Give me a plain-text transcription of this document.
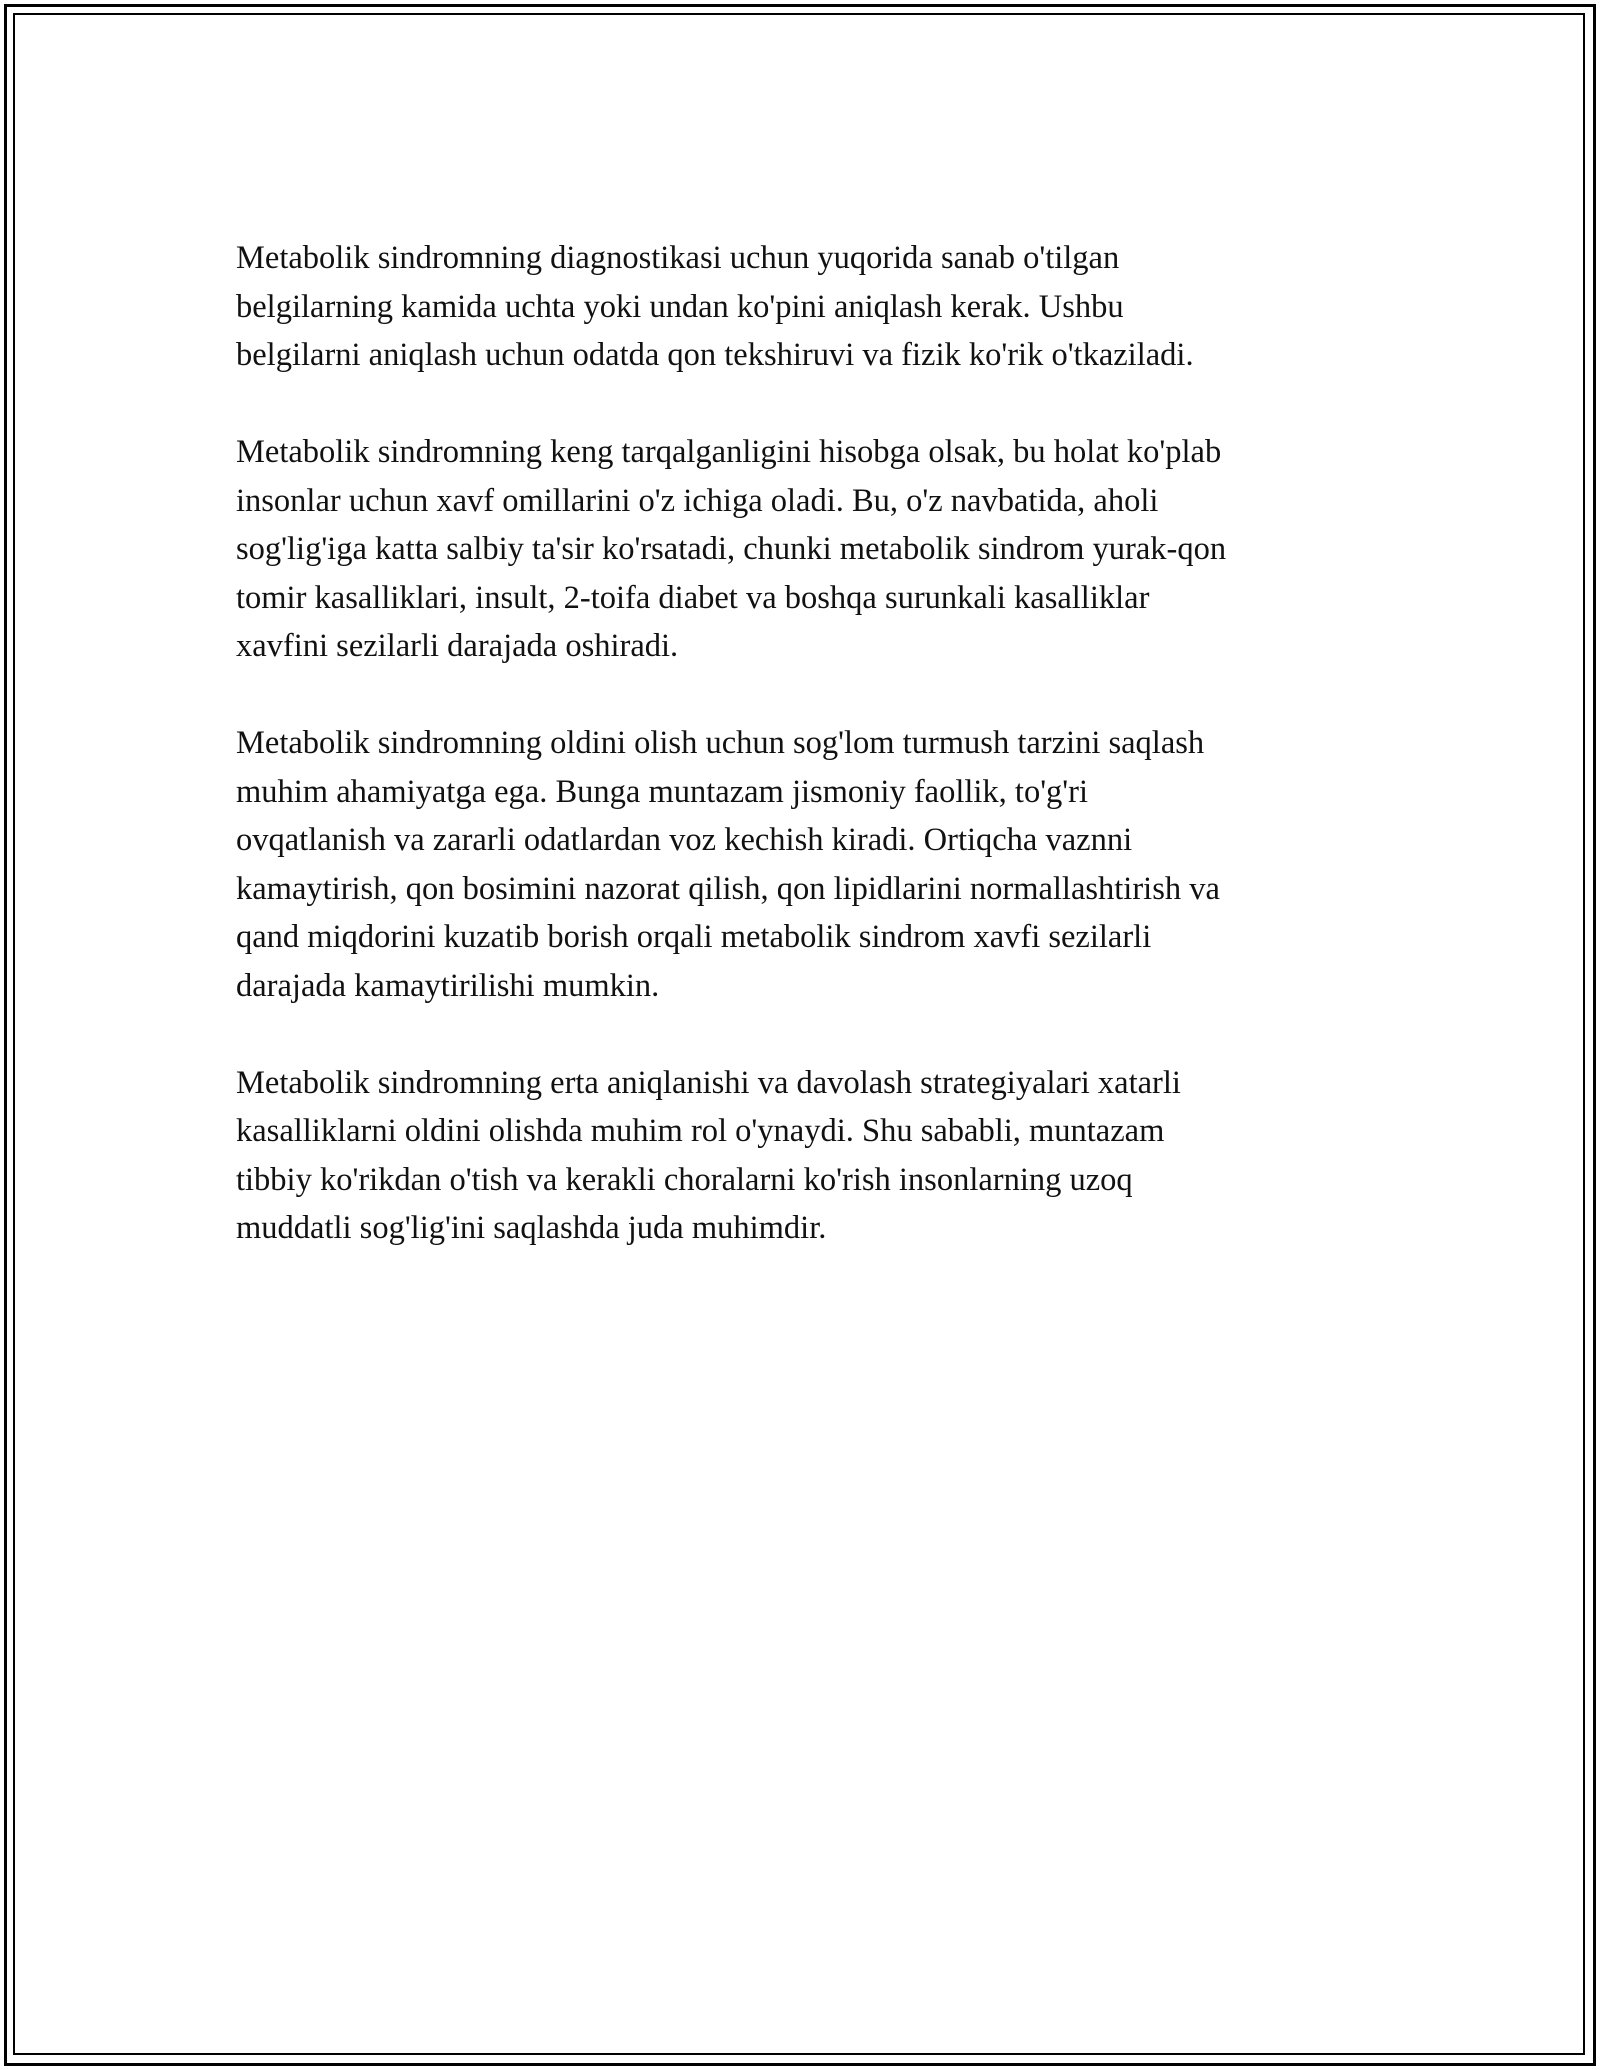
Metabolik sindromning diagnostikasi uchun yuqorida sanab o'tilgan
belgilarning kamida uchta yoki undan ko'pini aniqlash kerak. Ushbu
belgilarni aniqlash uchun odatda qon tekshiruvi va fizik ko'rik o'tkaziladi.

Metabolik sindromning keng tarqalganligini hisobga olsak, bu holat ko'plab
insonlar uchun xavf omillarini o'z ichiga oladi. Bu, o'z navbatida, aholi
sog'lig'iga katta salbiy ta'sir ko'rsatadi, chunki metabolik sindrom yurak-qon
tomir kasalliklari, insult, 2-toifa diabet va boshqa surunkali kasalliklar
xavfini sezilarli darajada oshiradi.

Metabolik sindromning oldini olish uchun sog'lom turmush tarzini saqlash
muhim ahamiyatga ega. Bunga muntazam jismoniy faollik, to'g'ri
ovqatlanish va zararli odatlardan voz kechish kiradi. Ortiqcha vaznni
kamaytirish, qon bosimini nazorat qilish, qon lipidlarini normallashtirish va
qand miqdorini kuzatib borish orqali metabolik sindrom xavfi sezilarli
darajada kamaytirilishi mumkin.

Metabolik sindromning erta aniqlanishi va davolash strategiyalari xatarli
kasalliklarni oldini olishda muhim rol o'ynaydi. Shu sababli, muntazam
tibbiy ko'rikdan o'tish va kerakli choralarni ko'rish insonlarning uzoq
muddatli sog'lig'ini saqlashda juda muhimdir.
